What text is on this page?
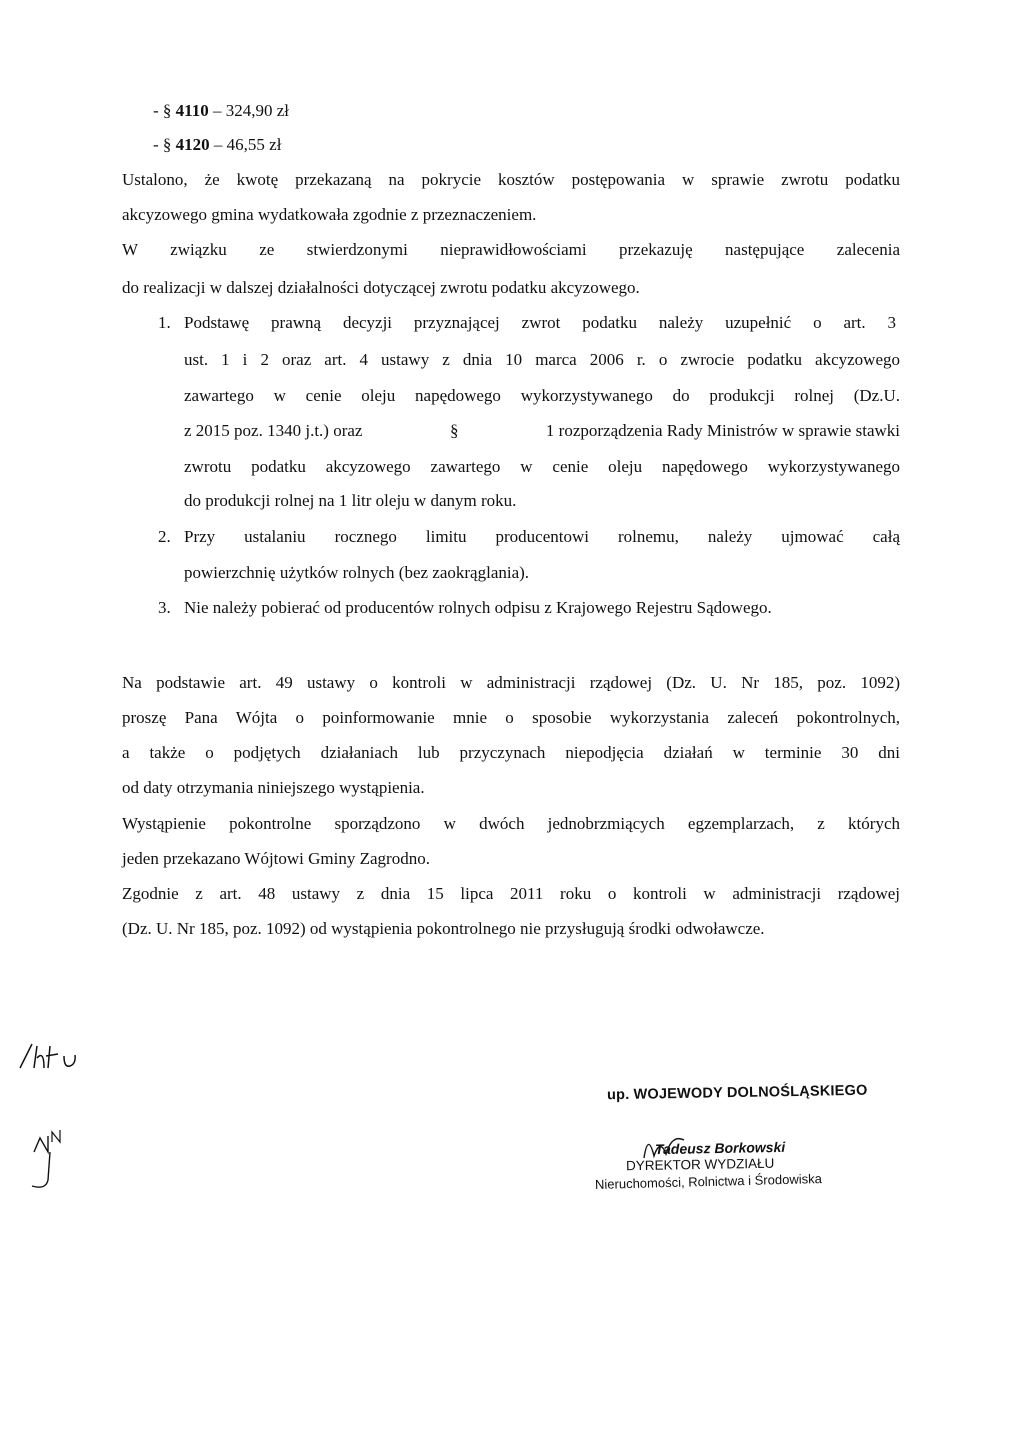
- § 4110 – 324,90 zł
- § 4120 – 46,55 zł
Ustalono, że kwotę przekazaną na pokrycie kosztów postępowania w sprawie zwrotu podatku
akcyzowego gmina wydatkowała zgodnie z przeznaczeniem.
W związku ze stwierdzonymi nieprawidłowościami przekazuję następujące zalecenia
do realizacji w dalszej działalności dotyczącej zwrotu podatku akcyzowego.
1. Podstawę prawną decyzji przyznającej zwrot podatku należy uzupełnić o art. 3
ust. 1 i 2 oraz art. 4 ustawy z dnia 10 marca 2006 r. o zwrocie podatku akcyzowego
zawartego w cenie oleju napędowego wykorzystywanego do produkcji rolnej (Dz.U.
z 2015 poz. 1340 j.t.) oraz	§	1 rozporządzenia Rady Ministrów w sprawie stawki
zwrotu podatku akcyzowego zawartego w cenie oleju napędowego wykorzystywanego
do produkcji rolnej na 1 litr oleju w danym roku.
2. Przy ustalaniu rocznego limitu producentowi rolnemu, należy ujmować całą
powierzchnię użytków rolnych (bez zaokrąglania).
3. Nie należy pobierać od producentów rolnych odpisu z Krajowego Rejestru Sądowego.
Na podstawie art. 49 ustawy o kontroli w administracji rządowej (Dz. U. Nr 185, poz. 1092)
proszę Pana Wójta o poinformowanie mnie o sposobie wykorzystania zaleceń pokontrolnych,
a także o podjętych działaniach lub przyczynach niepodjęcia działań w terminie 30 dni
od daty otrzymania niniejszego wystąpienia.
Wystąpienie pokontrolne sporządzono w dwóch jednobrzmiących egzemplarzach, z których
jeden przekazano Wójtowi Gminy Zagrodno.
Zgodnie z art. 48 ustawy z dnia 15 lipca 2011 roku o kontroli w administracji rządowej
(Dz. U. Nr 185, poz. 1092) od wystąpienia pokontrolnego nie przysługują środki odwoławcze.
up. WOJEWODY DOLNOŚLĄSKIEGO
Tadeusz Borkowski
DYREKTOR WYDZIAŁU
Nieruchomości, Rolnictwa i Środowiska
